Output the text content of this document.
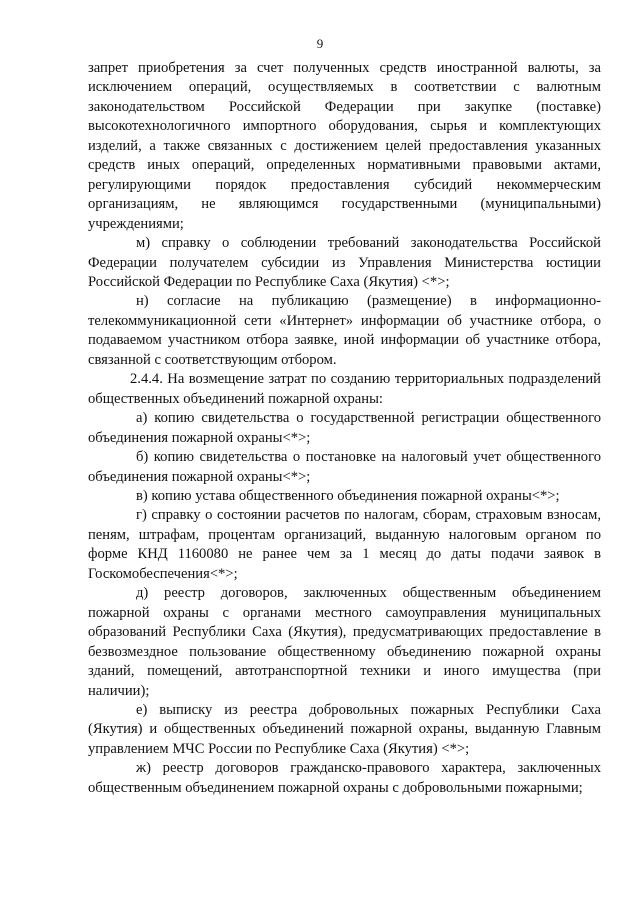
9

запрет приобретения за счет полученных средств иностранной валюты, за исключением операций, осуществляемых в соответствии с валютным законодательством Российской Федерации при закупке (поставке) высокотехнологичного импортного оборудования, сырья и комплектующих изделий, а также связанных с достижением целей предоставления указанных средств иных операций, определенных нормативными правовыми актами, регулирующими порядок предоставления субсидий некоммерческим организациям, не являющимся государственными (муниципальными) учреждениями;

м) справку о соблюдении требований законодательства Российской Федерации получателем субсидии из Управления Министерства юстиции Российской Федерации по Республике Саха (Якутия) <*>;

н) согласие на публикацию (размещение) в информационно-телекоммуникационной сети «Интернет» информации об участнике отбора, о подаваемом участником отбора заявке, иной информации об участнике отбора, связанной с соответствующим отбором.

2.4.4. На возмещение затрат по созданию территориальных подразделений общественных объединений пожарной охраны:

а) копию свидетельства о государственной регистрации общественного объединения пожарной охраны<*>;

б) копию свидетельства о постановке на налоговый учет общественного объединения пожарной охраны<*>;

в) копию устава общественного объединения пожарной охраны<*>;

г) справку о состоянии расчетов по налогам, сборам, страховым взносам, пеням, штрафам, процентам организаций, выданную налоговым органом по форме КНД 1160080 не ранее чем за 1 месяц до даты подачи заявок в Госкомобеспечения<*>;

д) реестр договоров, заключенных общественным объединением пожарной охраны с органами местного самоуправления муниципальных образований Республики Саха (Якутия), предусматривающих предоставление в безвозмездное пользование общественному объединению пожарной охраны зданий, помещений, автотранспортной техники и иного имущества (при наличии);

е) выписку из реестра добровольных пожарных Республики Саха (Якутия) и общественных объединений пожарной охраны, выданную Главным управлением МЧС России по Республике Саха (Якутия) <*>;

ж) реестр договоров гражданско-правового характера, заключенных общественным объединением пожарной охраны с добровольными пожарными;
